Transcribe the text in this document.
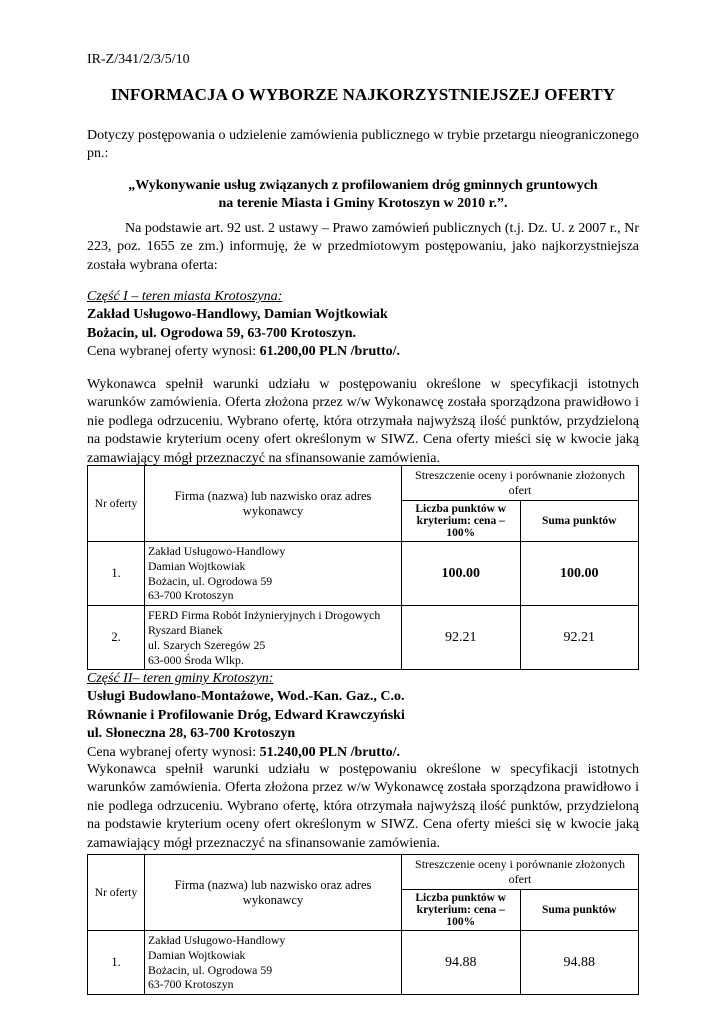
IR-Z/341/2/3/5/10
INFORMACJA O WYBORZE NAJKORZYSTNIEJSZEJ OFERTY
Dotyczy postępowania o udzielenie zamówienia publicznego w trybie przetargu nieograniczonego pn.:
„Wykonywanie usług związanych z profilowaniem dróg gminnych gruntowych
na terenie Miasta i Gminy Krotoszyn w 2010 r.”.
Na podstawie art. 92 ust. 2 ustawy – Prawo zamówień publicznych (t.j. Dz. U. z 2007 r., Nr 223, poz. 1655 ze zm.) informuję, że w przedmiotowym postępowaniu, jako najkorzystniejsza została wybrana oferta:
Część I – teren miasta Krotoszyna:
Zakład Usługowo-Handlowy, Damian Wojtkowiak
Bożacin, ul. Ogrodowa 59, 63-700 Krotoszyn.
Cena wybranej oferty wynosi: 61.200,00 PLN /brutto/.
Wykonawca spełnił warunki udziału w postępowaniu określone w specyfikacji istotnych warunków zamówienia. Oferta złożona przez w/w Wykonawcę została sporządzona prawidłowo i nie podlega odrzuceniu. Wybrano ofertę, która otrzymała najwyższą ilość punktów, przydzieloną na podstawie kryterium oceny ofert określonym w SIWZ. Cena oferty mieści się w kwocie jaką zamawiający mógł przeznaczyć na sfinansowanie zamówienia.
Nr oferty	Firma (nazwa) lub nazwisko oraz adres wykonawcy	Streszczenie oceny i porównanie złożonych ofert	
		Liczba punktów w kryterium: cena – 100%	Suma punktów
1.	Zakład Usługowo-Handlowy
Damian Wojtkowiak
Bożacin, ul. Ogrodowa 59
63-700 Krotoszyn	100.00	100.00
2.	FERD Firma Robót Inżynieryjnych i Drogowych
Ryszard Bianek
ul. Szarych Szeregów 25
63-000 Środa Wlkp.	92.21	92.21
Część II– teren gminy Krotoszyn:
Usługi Budowlano-Montażowe, Wod.-Kan. Gaz., C.o.
Równanie i Profilowanie Dróg, Edward Krawczyński
ul. Słoneczna 28, 63-700 Krotoszyn
Cena wybranej oferty wynosi: 51.240,00 PLN /brutto/.
Wykonawca spełnił warunki udziału w postępowaniu określone w specyfikacji istotnych warunków zamówienia. Oferta złożona przez w/w Wykonawcę została sporządzona prawidłowo i nie podlega odrzuceniu. Wybrano ofertę, która otrzymała najwyższą ilość punktów, przydzieloną na podstawie kryterium oceny ofert określonym w SIWZ. Cena oferty mieści się w kwocie jaką zamawiający mógł przeznaczyć na sfinansowanie zamówienia.
Nr oferty	Firma (nazwa) lub nazwisko oraz adres wykonawcy	Streszczenie oceny i porównanie złożonych ofert	
		Liczba punktów w kryterium: cena – 100%	Suma punktów
1.	Zakład Usługowo-Handlowy
Damian Wojtkowiak
Bożacin, ul. Ogrodowa 59
63-700 Krotoszyn	94.88	94.88
